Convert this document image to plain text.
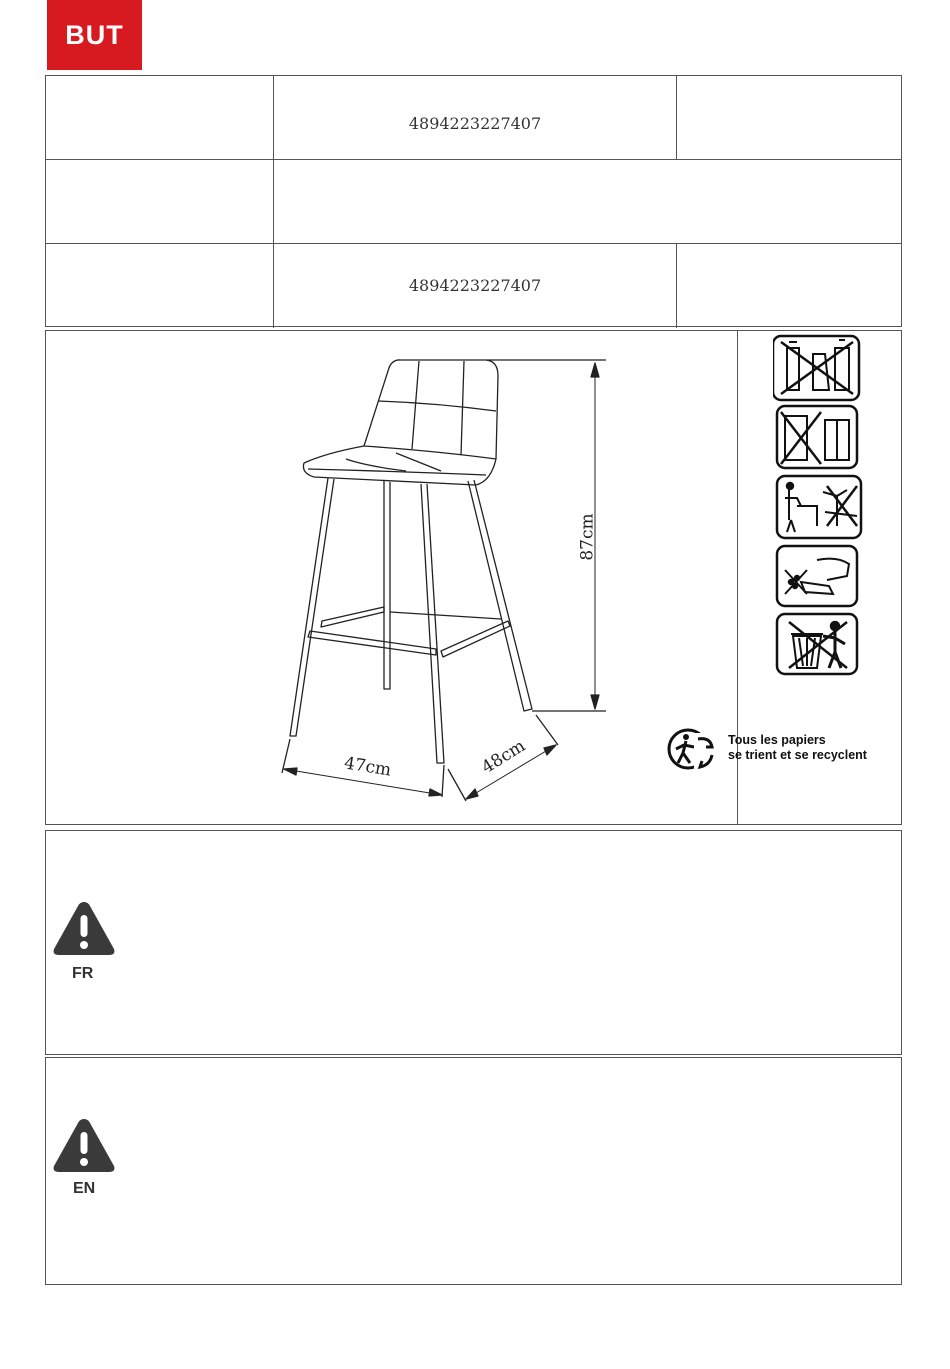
BUT
4894223227407
4894223227407
87cm
47cm	48cm	Tous les papiers
se trient et se recyclent
FR
EN
